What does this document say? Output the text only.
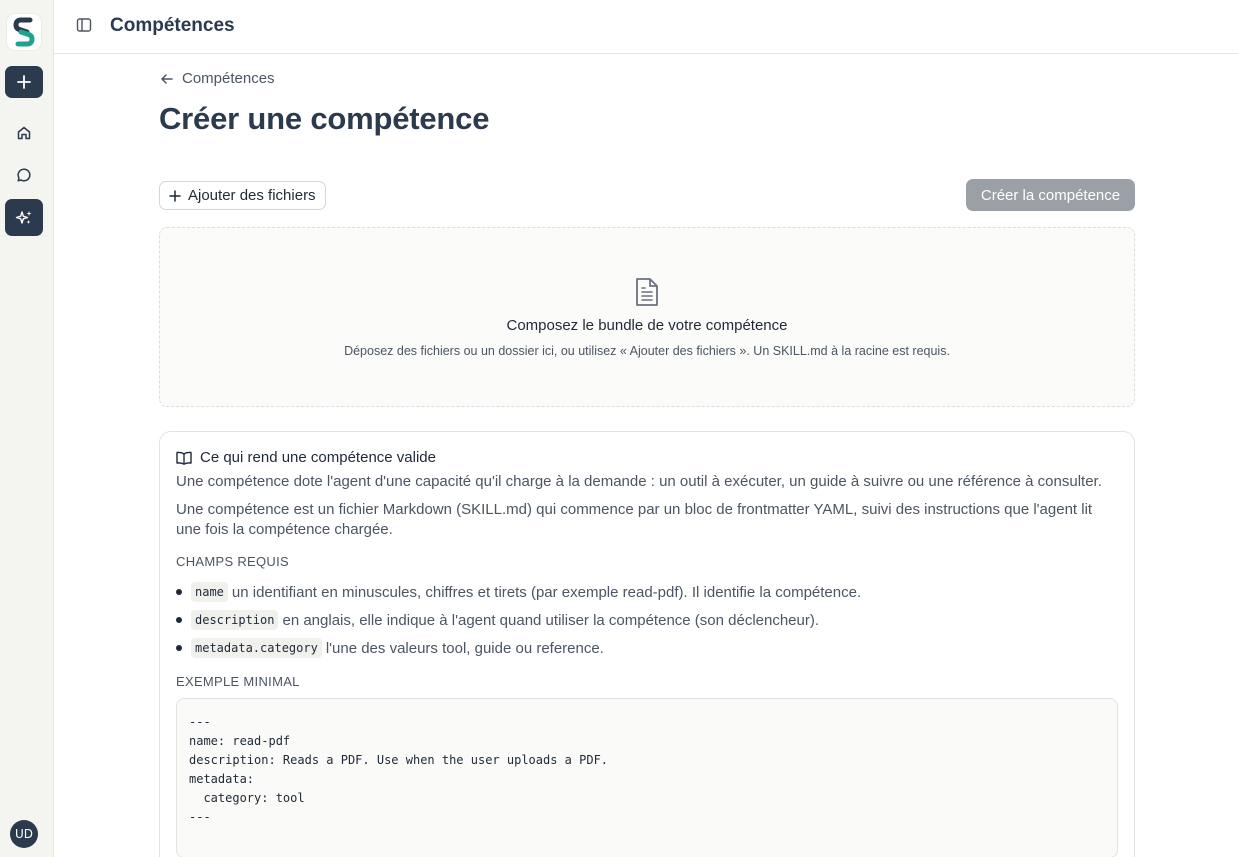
UD
Compétences
Compétences
Créer une compétence
Ajouter des fichiers	Créer la compétence
Composez le bundle de votre compétence
Déposez des fichiers ou un dossier ici, ou utilisez « Ajouter des fichiers ». Un SKILL.md à la racine est requis.
Ce qui rend une compétence valide

Une compétence dote l'agent d'une capacité qu'il charge à la demande : un outil à exécuter, un guide à suivre ou une référence à consulter.

Une compétence est un fichier Markdown (SKILL.md) qui commence par un bloc de frontmatter YAML, suivi des instructions que l'agent lit une fois la compétence chargée.

CHAMPS REQUIS
name un identifiant en minuscules, chiffres et tirets (par exemple read-pdf). Il identifie la compétence.
description en anglais, elle indique à l'agent quand utiliser la compétence (son déclencheur).
metadata.category l'une des valeurs tool, guide ou reference.
EXEMPLE MINIMAL
---
name: read-pdf
description: Reads a PDF. Use when the user uploads a PDF.
metadata:
category: tool
---
